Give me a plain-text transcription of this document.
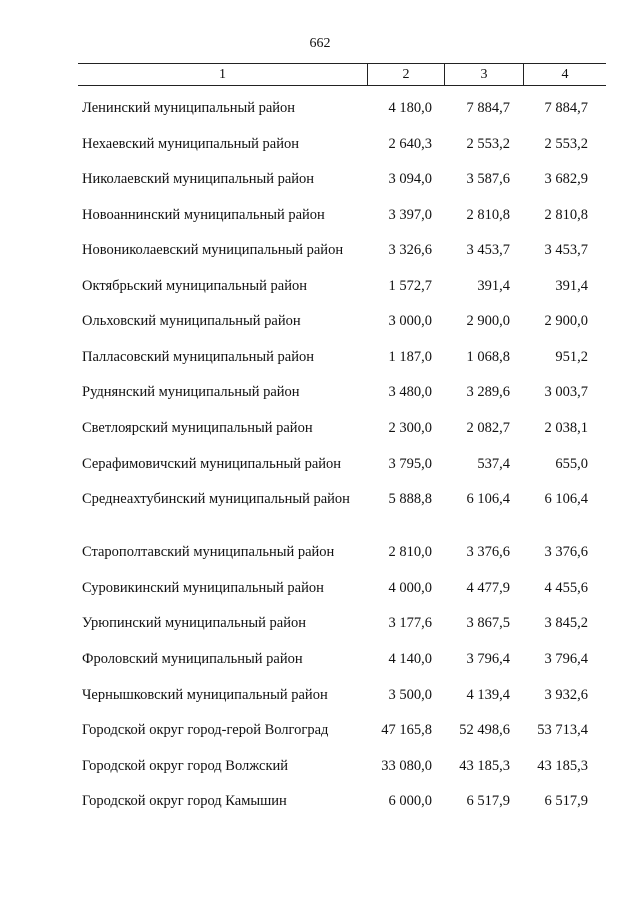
662
1	2	3	4
Ленинский муниципальный район	4 180,0	7 884,7	7 884,7
Нехаевский муниципальный район	2 640,3	2 553,2	2 553,2
Николаевский муниципальный район	3 094,0	3 587,6	3 682,9
Новоаннинский муниципальный район	3 397,0	2 810,8	2 810,8
Новониколаевский муниципальный район	3 326,6	3 453,7	3 453,7
Октябрьский муниципальный район	1 572,7	391,4	391,4
Ольховский муниципальный район	3 000,0	2 900,0	2 900,0
Палласовский муниципальный район	1 187,0	1 068,8	951,2
Руднянский муниципальный район	3 480,0	3 289,6	3 003,7
Светлоярский муниципальный район	2 300,0	2 082,7	2 038,1
Серафимовичский муниципальный район	3 795,0	537,4	655,0
Среднеахтубинский муниципальный район	5 888,8	6 106,4	6 106,4
Старополтавский муниципальный район	2 810,0	3 376,6	3 376,6
Суровикинский муниципальный район	4 000,0	4 477,9	4 455,6
Урюпинский муниципальный район	3 177,6	3 867,5	3 845,2
Фроловский муниципальный район	4 140,0	3 796,4	3 796,4
Чернышковский муниципальный район	3 500,0	4 139,4	3 932,6
Городской округ город-герой Волгоград	47 165,8	52 498,6	53 713,4
Городской округ город Волжский	33 080,0	43 185,3	43 185,3
Городской округ город Камышин	6 000,0	6 517,9	6 517,9
